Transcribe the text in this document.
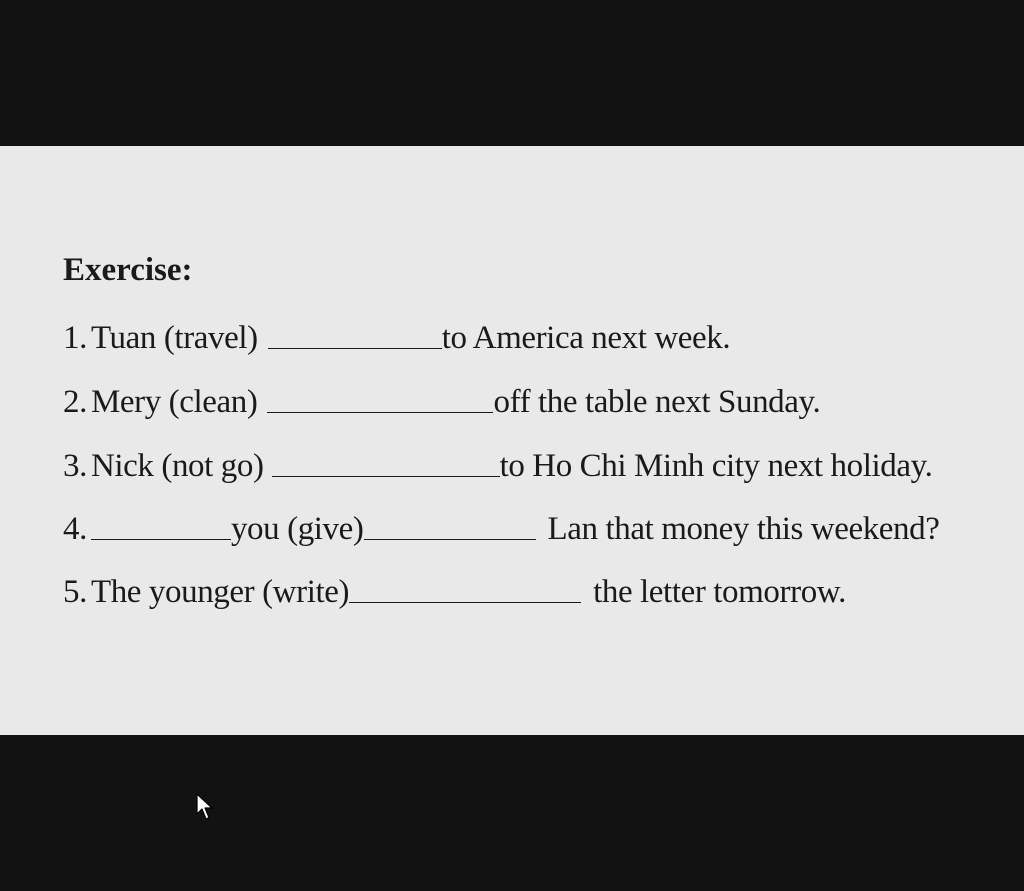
Exercise:
1. Tuan (travel)	to America next week.
2. Mery (clean)	off the table next Sunday.
3. Nick (not go)	to Ho Chi Minh city next holiday.
4.	you (give)	Lan that money this weekend?
5. The younger (write)	the letter tomorrow.
